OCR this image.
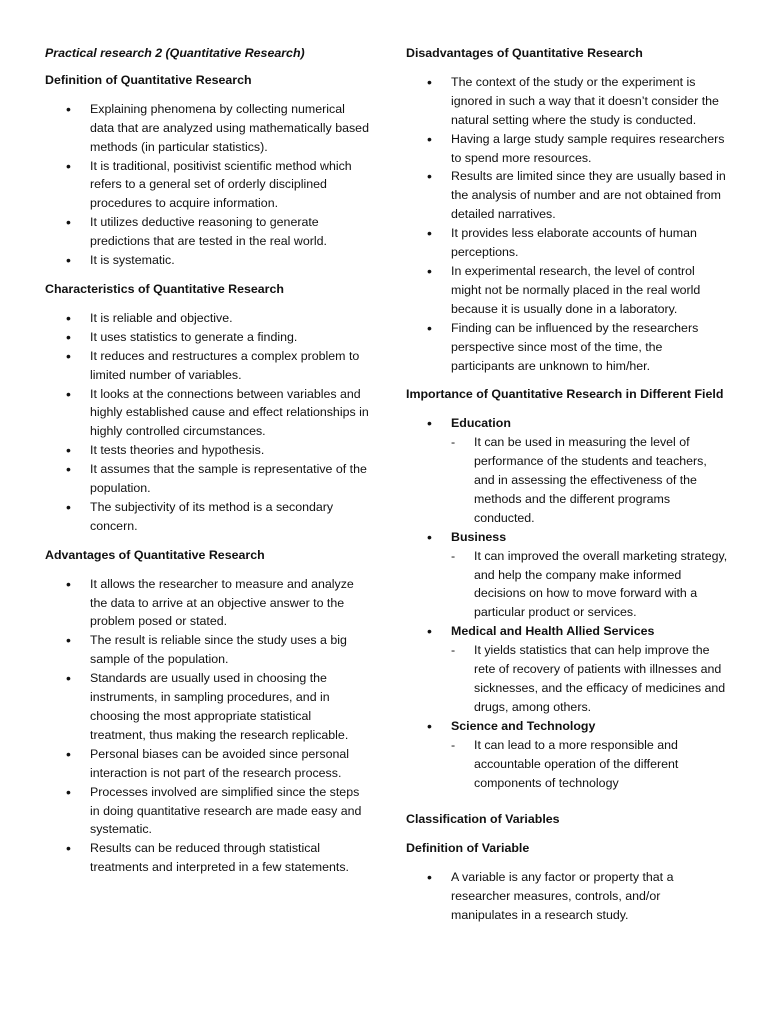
Practical research 2 (Quantitative Research)
Definition of Quantitative Research
• Explaining phenomena by collecting numerical data that are analyzed using mathematically based methods (in particular statistics).
• It is traditional, positivist scientific method which refers to a general set of orderly disciplined procedures to acquire information.
• It utilizes deductive reasoning to generate predictions that are tested in the real world.
• It is systematic.
Characteristics of Quantitative Research
• It is reliable and objective.
• It uses statistics to generate a finding.
• It reduces and restructures a complex problem to limited number of variables.
• It looks at the connections between variables and highly established cause and effect relationships in highly controlled circumstances.
• It tests theories and hypothesis.
• It assumes that the sample is representative of the population.
• The subjectivity of its method is a secondary concern.
Advantages of Quantitative Research
• It allows the researcher to measure and analyze the data to arrive at an objective answer to the problem posed or stated.
• The result is reliable since the study uses a big sample of the population.
• Standards are usually used in choosing the instruments, in sampling procedures, and in choosing the most appropriate statistical treatment, thus making the research replicable.
• Personal biases can be avoided since personal interaction is not part of the research process.
• Processes involved are simplified since the steps in doing quantitative research are made easy and systematic.
• Results can be reduced through statistical treatments and interpreted in a few statements.
Disadvantages of Quantitative Research
• The context of the study or the experiment is ignored in such a way that it doesn’t consider the natural setting where the study is conducted.
• Having a large study sample requires researchers to spend more resources.
• Results are limited since they are usually based in the analysis of number and are not obtained from detailed narratives.
• It provides less elaborate accounts of human perceptions.
• In experimental research, the level of control might not be normally placed in the real world because it is usually done in a laboratory.
• Finding can be influenced by the researchers perspective since most of the time, the participants are unknown to him/her.
Importance of Quantitative Research in Different Field
• Education
- It can be used in measuring the level of performance of the students and teachers, and in assessing the effectiveness of the methods and the different programs conducted.
• Business
- It can improved the overall marketing strategy, and help the company make informed decisions on how to move forward with a particular product or services.
• Medical and Health Allied Services
- It yields statistics that can help improve the rete of recovery of patients with illnesses and sicknesses, and the efficacy of medicines and drugs, among others.
• Science and Technology
- It can lead to a more responsible and accountable operation of the different components of technology
Classification of Variables
Definition of Variable
• A variable is any factor or property that a researcher measures, controls, and/or manipulates in a research study.
